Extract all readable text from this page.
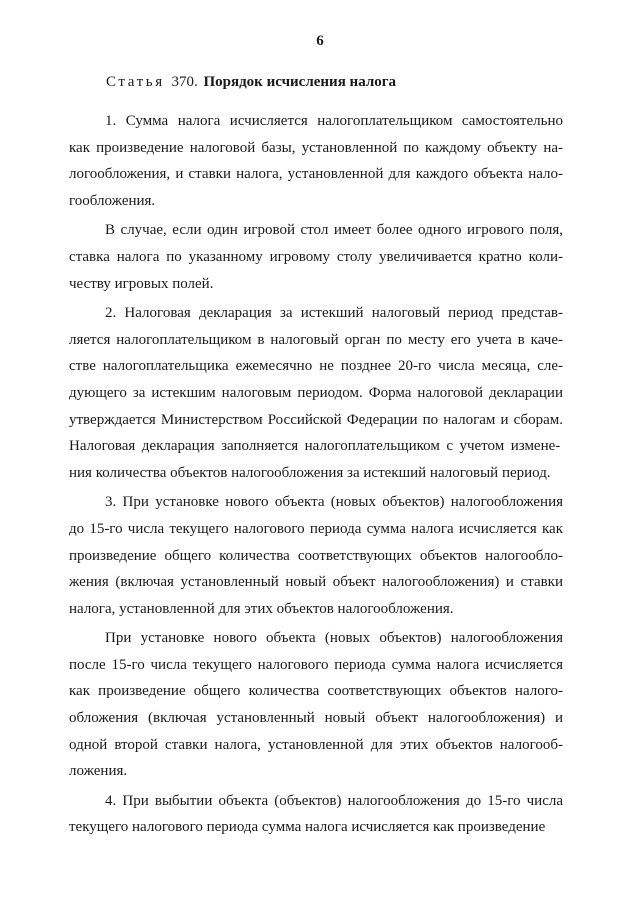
6
Статья 370. Порядок исчисления налога
1. Сумма налога исчисляется налогоплательщиком самостоятельно
как произведение налоговой базы, установленной по каждому объекту на-
логообложения, и ставки налога, установленной для каждого объекта нало-
гообложения.
В случае, если один игровой стол имеет более одного игрового поля,
ставка налога по указанному игровому столу увеличивается кратно коли-
честву игровых полей.
2. Налоговая декларация за истекший налоговый период представ-
ляется налогоплательщиком в налоговый орган по месту его учета в каче-
стве налогоплательщика ежемесячно не позднее 20-го числа месяца, сле-
дующего за истекшим налоговым периодом. Форма налоговой декларации
утверждается Министерством Российской Федерации по налогам и сборам.
Налоговая декларация заполняется налогоплательщиком с учетом измене-
ния количества объектов налогообложения за истекший налоговый период.
3. При установке нового объекта (новых объектов) налогообложения
до 15-го числа текущего налогового периода сумма налога исчисляется как
произведение общего количества соответствующих объектов налогообло-
жения (включая установленный новый объект налогообложения) и ставки
налога, установленной для этих объектов налогообложения.
При установке нового объекта (новых объектов) налогообложения
после 15-го числа текущего налогового периода сумма налога исчисляется
как произведение общего количества соответствующих объектов налого-
обложения (включая установленный новый объект налогообложения) и
одной второй ставки налога, установленной для этих объектов налогооб-
ложения.
4. При выбытии объекта (объектов) налогообложения до 15-го числа
текущего налогового периода сумма налога исчисляется как произведение
